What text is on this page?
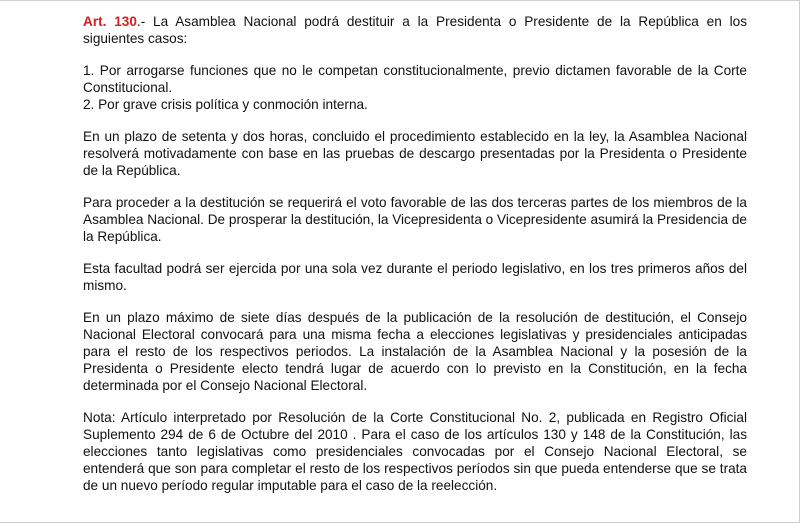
Art. 130.- La Asamblea Nacional podrá destituir a la Presidenta o Presidente de la República en los siguientes casos:

1. Por arrogarse funciones que no le competan constitucionalmente, previo dictamen favorable de la Corte Constitucional.
2. Por grave crisis política y conmoción interna.

En un plazo de setenta y dos horas, concluido el procedimiento establecido en la ley, la Asamblea Nacional resolverá motivadamente con base en las pruebas de descargo presentadas por la Presidenta o Presidente de la República.

Para proceder a la destitución se requerirá el voto favorable de las dos terceras partes de los miembros de la Asamblea Nacional. De prosperar la destitución, la Vicepresidenta o Vicepresidente asumirá la Presidencia de la República.

Esta facultad podrá ser ejercida por una sola vez durante el periodo legislativo, en los tres primeros años del mismo.

En un plazo máximo de siete días después de la publicación de la resolución de destitución, el Consejo Nacional Electoral convocará para una misma fecha a elecciones legislativas y presidenciales anticipadas para el resto de los respectivos periodos. La instalación de la Asamblea Nacional y la posesión de la Presidenta o Presidente electo tendrá lugar de acuerdo con lo previsto en la Constitución, en la fecha determinada por el Consejo Nacional Electoral.

Nota: Artículo interpretado por Resolución de la Corte Constitucional No. 2, publicada en Registro Oficial Suplemento 294 de 6 de Octubre del 2010 . Para el caso de los artículos 130 y 148 de la Constitución, las elecciones tanto legislativas como presidenciales convocadas por el Consejo Nacional Electoral, se entenderá que son para completar el resto de los respectivos períodos sin que pueda entenderse que se trata de un nuevo período regular imputable para el caso de la reelección.
